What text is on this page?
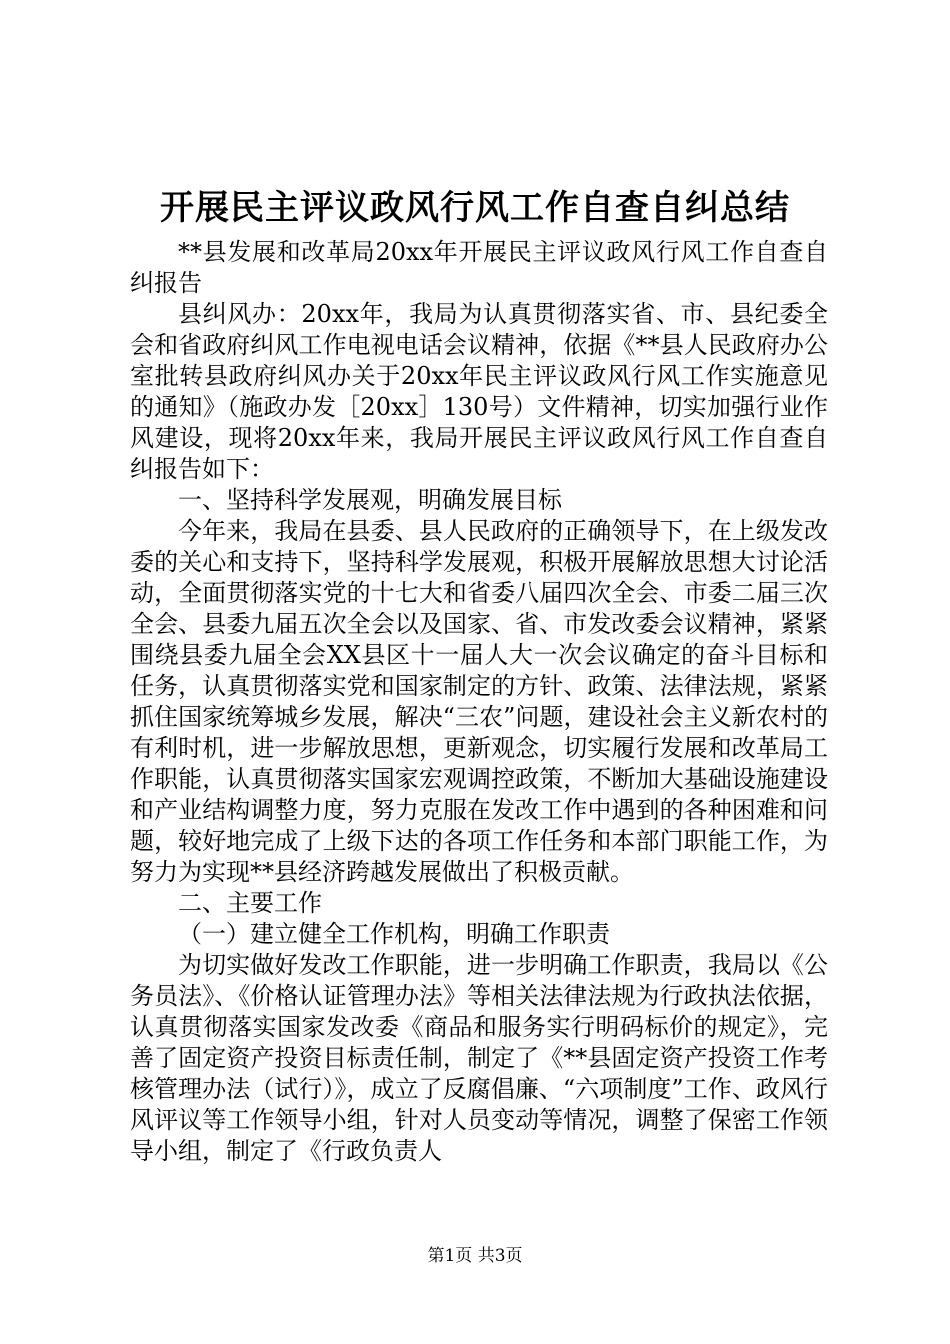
开展民主评议政风行风工作自查自纠总结

**县发展和改革局20xx年开展民主评议政风行风工作自查自纠报告

县纠风办：20xx年，我局为认真贯彻落实省、市、县纪委全会和省政府纠风工作电视电话会议精神，依据《**县人民政府办公室批转县政府纠风办关于20xx年民主评议政风行风工作实施意见的通知》（施政办发［20xx］130号）文件精神，切实加强行业作风建设，现将20xx年来，我局开展民主评议政风行风工作自查自纠报告如下：

一、坚持科学发展观，明确发展目标

今年来，我局在县委、县人民政府的正确领导下，在上级发改委的关心和支持下，坚持科学发展观，积极开展解放思想大讨论活动，全面贯彻落实党的十七大和省委八届四次全会、市委二届三次全会、县委九届五次全会以及国家、省、市发改委会议精神，紧紧围绕县委九届全会XX县区十一届人大一次会议确定的奋斗目标和任务，认真贯彻落实党和国家制定的方针、政策、法律法规，紧紧抓住国家统筹城乡发展，解决“三农”问题，建设社会主义新农村的有利时机，进一步解放思想，更新观念，切实履行发展和改革局工作职能，认真贯彻落实国家宏观调控政策，不断加大基础设施建设和产业结构调整力度，努力克服在发改工作中遇到的各种困难和问题，较好地完成了上级下达的各项工作任务和本部门职能工作，为努力为实现**县经济跨越发展做出了积极贡献。

二、主要工作

（一）建立健全工作机构，明确工作职责

为切实做好发改工作职能，进一步明确工作职责，我局以《公务员法》、《价格认证管理办法》等相关法律法规为行政执法依据，认真贯彻落实国家发改委《商品和服务实行明码标价的规定》，完善了固定资产投资目标责任制，制定了《**县固定资产投资工作考核管理办法（试行）》，成立了反腐倡廉、“六项制度”工作、政风行风评议等工作领导小组，针对人员变动等情况，调整了保密工作领导小组，制定了《行政负责人

第1页 共3页
